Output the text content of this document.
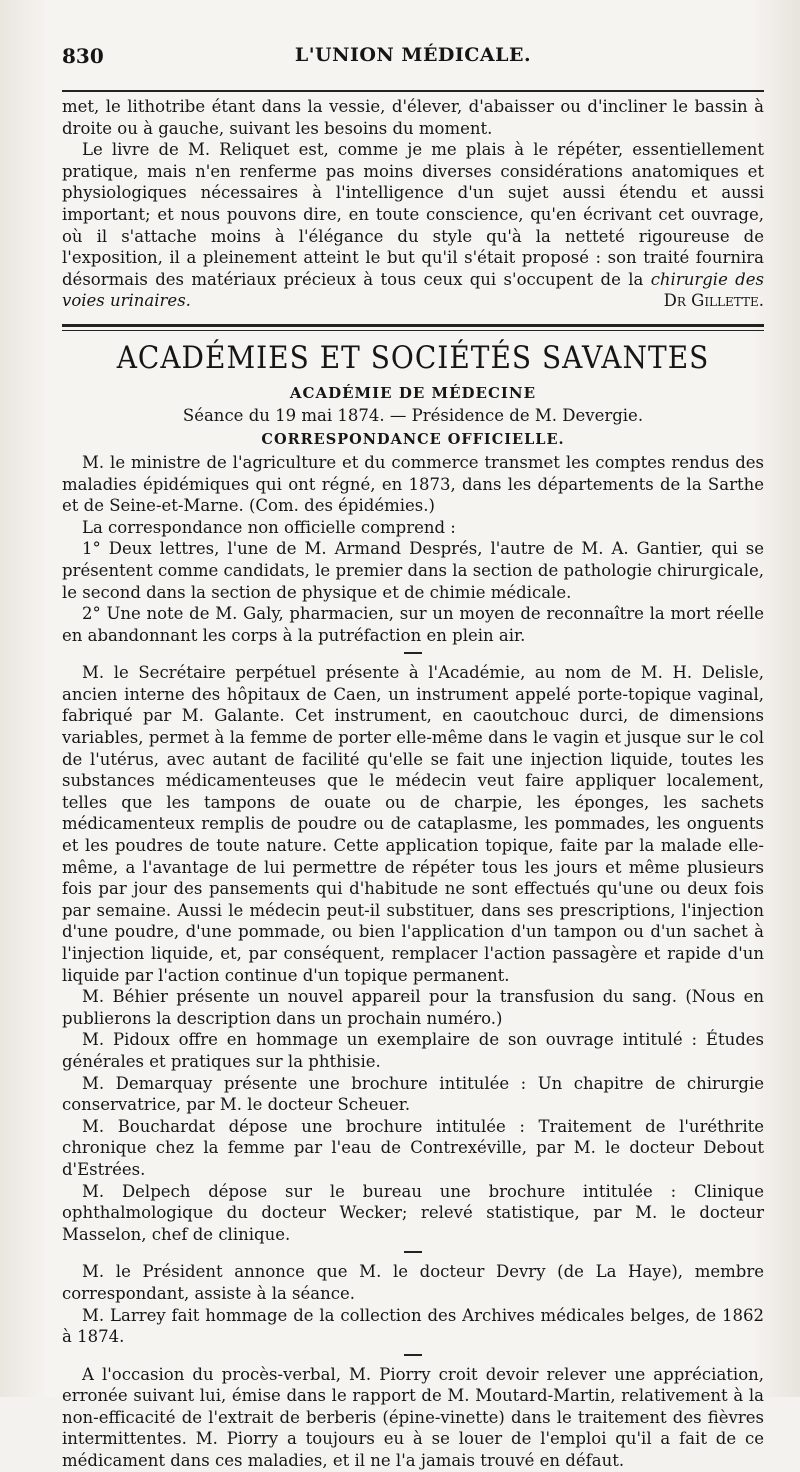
830	L'UNION MÉDICALE.

met, le lithotribe étant dans la vessie, d'élever, d'abaisser ou d'incliner le bassin à droite ou à gauche, suivant les besoins du moment.

Le livre de M. Reliquet est, comme je me plais à le répéter, essentiellement pratique, mais n'en renferme pas moins diverses considérations anatomiques et physiologiques nécessaires à l'intelligence d'un sujet aussi étendu et aussi important; et nous pouvons dire, en toute conscience, qu'en écrivant cet ouvrage, où il s'attache moins à l'élégance du style qu'à la netteté rigoureuse de l'exposition, il a pleinement atteint le but qu'il s'était proposé : son traité fournira désormais des matériaux précieux à tous ceux qui s'occupent de la chirurgie des voies urinaires.	Dr Gillette.

ACADÉMIES ET SOCIÉTÉS SAVANTES
ACADÉMIE DE MÉDECINE
Séance du 19 mai 1874. — Présidence de M. Devergie.
CORRESPONDANCE OFFICIELLE.

M. le ministre de l'agriculture et du commerce transmet les comptes rendus des maladies épidémiques qui ont régné, en 1873, dans les départements de la Sarthe et de Seine-et-Marne. (Com. des épidémies.)

La correspondance non officielle comprend :

1° Deux lettres, l'une de M. Armand Després, l'autre de M. A. Gantier, qui se présentent comme candidats, le premier dans la section de pathologie chirurgicale, le second dans la section de physique et de chimie médicale.

2° Une note de M. Galy, pharmacien, sur un moyen de reconnaître la mort réelle en abandonnant les corps à la putréfaction en plein air.

M. le Secrétaire perpétuel présente à l'Académie, au nom de M. H. Delisle, ancien interne des hôpitaux de Caen, un instrument appelé porte-topique vaginal, fabriqué par M. Galante. Cet instrument, en caoutchouc durci, de dimensions variables, permet à la femme de porter elle-même dans le vagin et jusque sur le col de l'utérus, avec autant de facilité qu'elle se fait une injection liquide, toutes les substances médicamenteuses que le médecin veut faire appliquer localement, telles que les tampons de ouate ou de charpie, les éponges, les sachets médicamenteux remplis de poudre ou de cataplasme, les pommades, les onguents et les poudres de toute nature. Cette application topique, faite par la malade elle-même, a l'avantage de lui permettre de répéter tous les jours et même plusieurs fois par jour des pansements qui d'habitude ne sont effectués qu'une ou deux fois par semaine. Aussi le médecin peut-il substituer, dans ses prescriptions, l'injection d'une poudre, d'une pommade, ou bien l'application d'un tampon ou d'un sachet à l'injection liquide, et, par conséquent, remplacer l'action passagère et rapide d'un liquide par l'action continue d'un topique permanent.

M. Béhier présente un nouvel appareil pour la transfusion du sang. (Nous en publierons la description dans un prochain numéro.)

M. Pidoux offre en hommage un exemplaire de son ouvrage intitulé : Études générales et pratiques sur la phthisie.

M. Demarquay présente une brochure intitulée : Un chapitre de chirurgie conservatrice, par M. le docteur Scheuer.

M. Bouchardat dépose une brochure intitulée : Traitement de l'uréthrite chronique chez la femme par l'eau de Contrexéville, par M. le docteur Debout d'Estrées.

M. Delpech dépose sur le bureau une brochure intitulée : Clinique ophthalmologique du docteur Wecker; relevé statistique, par M. le docteur Masselon, chef de clinique.

M. le Président annonce que M. le docteur Devry (de La Haye), membre correspondant, assiste à la séance.

M. Larrey fait hommage de la collection des Archives médicales belges, de 1862 à 1874.

A l'occasion du procès-verbal, M. Piorry croit devoir relever une appréciation, erronée suivant lui, émise dans le rapport de M. Moutard-Martin, relativement à la non-efficacité de l'extrait de berberis (épine-vinette) dans le traitement des fièvres intermittentes. M. Piorry a toujours eu à se louer de l'emploi qu'il a fait de ce médicament dans ces maladies, et il ne l'a jamais trouvé en défaut.
